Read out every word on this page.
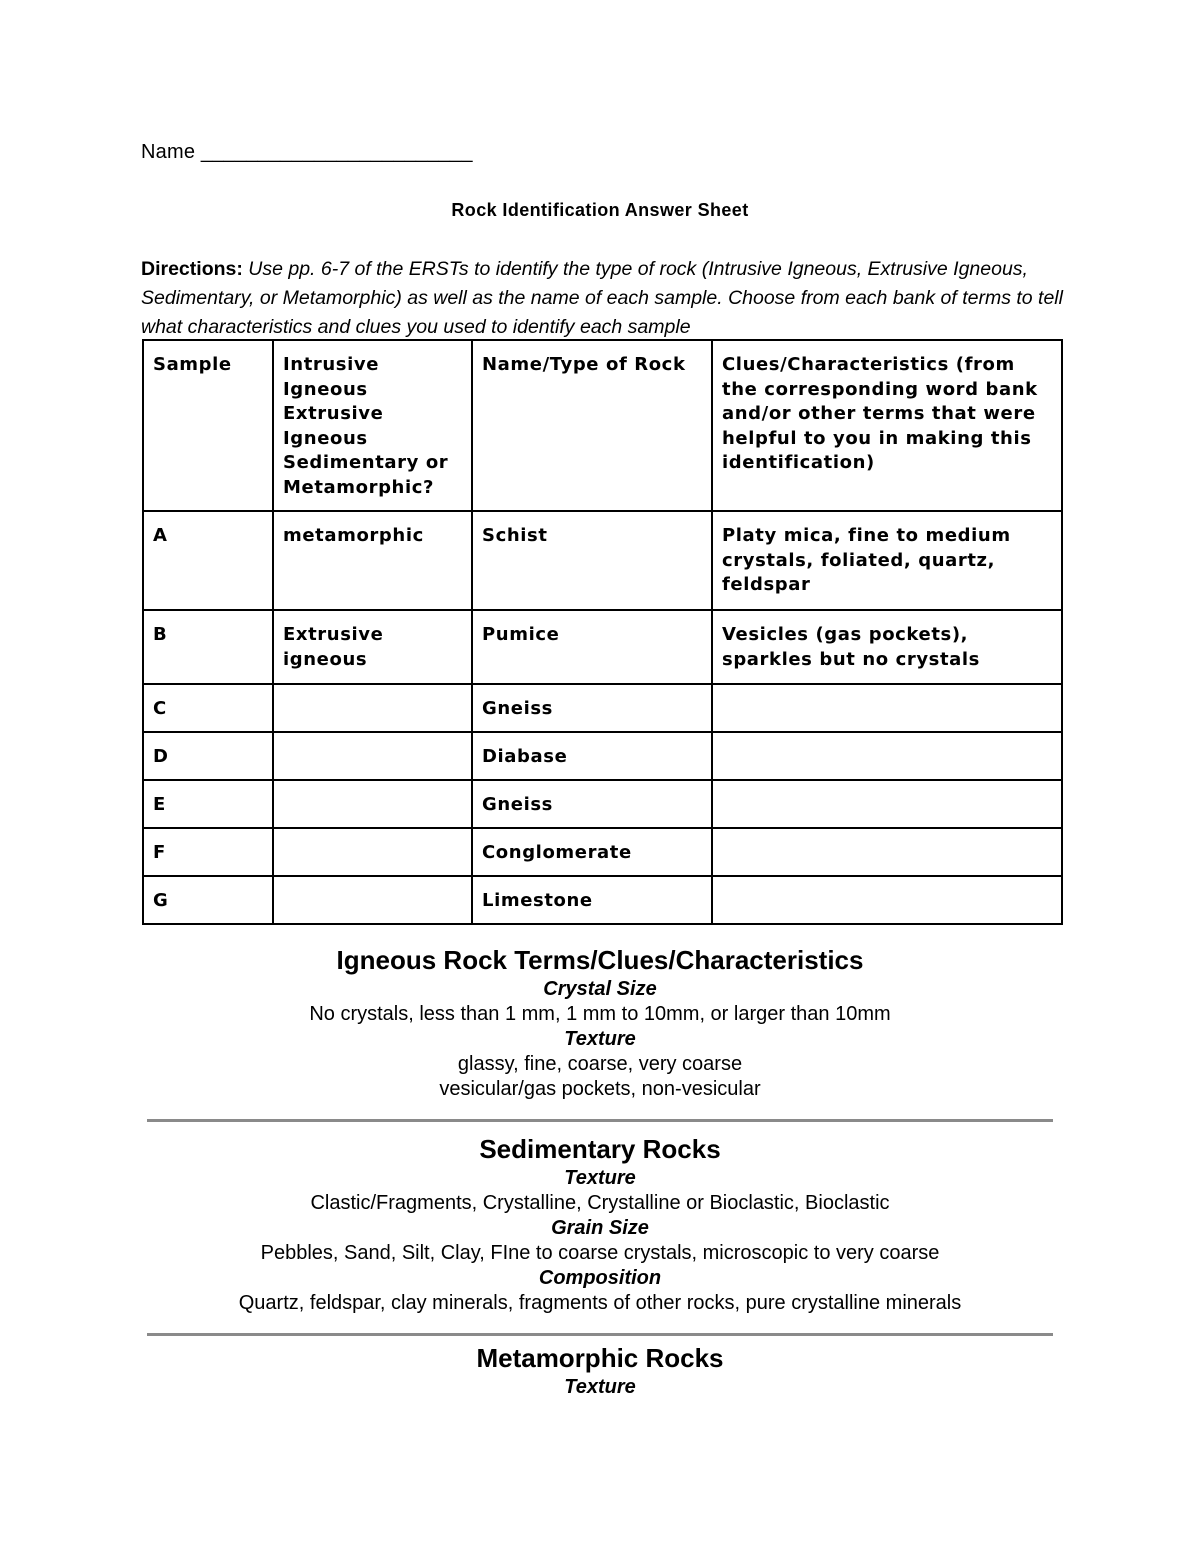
Name ________________________
Rock Identification Answer Sheet
Directions: Use pp. 6-7 of the ERSTs to identify the type of rock (Intrusive Igneous, Extrusive Igneous, Sedimentary, or Metamorphic) as well as the name of each sample. Choose from each bank of terms to tell what characteristics and clues you used to identify each sample
Sample	Intrusive Igneous Extrusive Igneous Sedimentary or Metamorphic?	Name/Type of Rock	Clues/Characteristics (from the corresponding word bank and/or other terms that were helpful to you in making this identification)
A	metamorphic	Schist	Platy mica, fine to medium crystals, foliated, quartz, feldspar
B	Extrusive igneous	Pumice	Vesicles (gas pockets), sparkles but no crystals
C		Gneiss	
D		Diabase	
E		Gneiss	
F		Conglomerate	
G		Limestone	
Igneous Rock Terms/Clues/Characteristics
Crystal Size
No crystals, less than 1 mm, 1 mm to 10mm, or larger than 10mm
Texture
glassy, fine, coarse, very coarse
vesicular/gas pockets, non-vesicular
Sedimentary Rocks
Texture
Clastic/Fragments, Crystalline, Crystalline or Bioclastic, Bioclastic
Grain Size
Pebbles, Sand, Silt, Clay, FIne to coarse crystals, microscopic to very coarse
Composition
Quartz, feldspar, clay minerals, fragments of other rocks, pure crystalline minerals
Metamorphic Rocks
Texture
